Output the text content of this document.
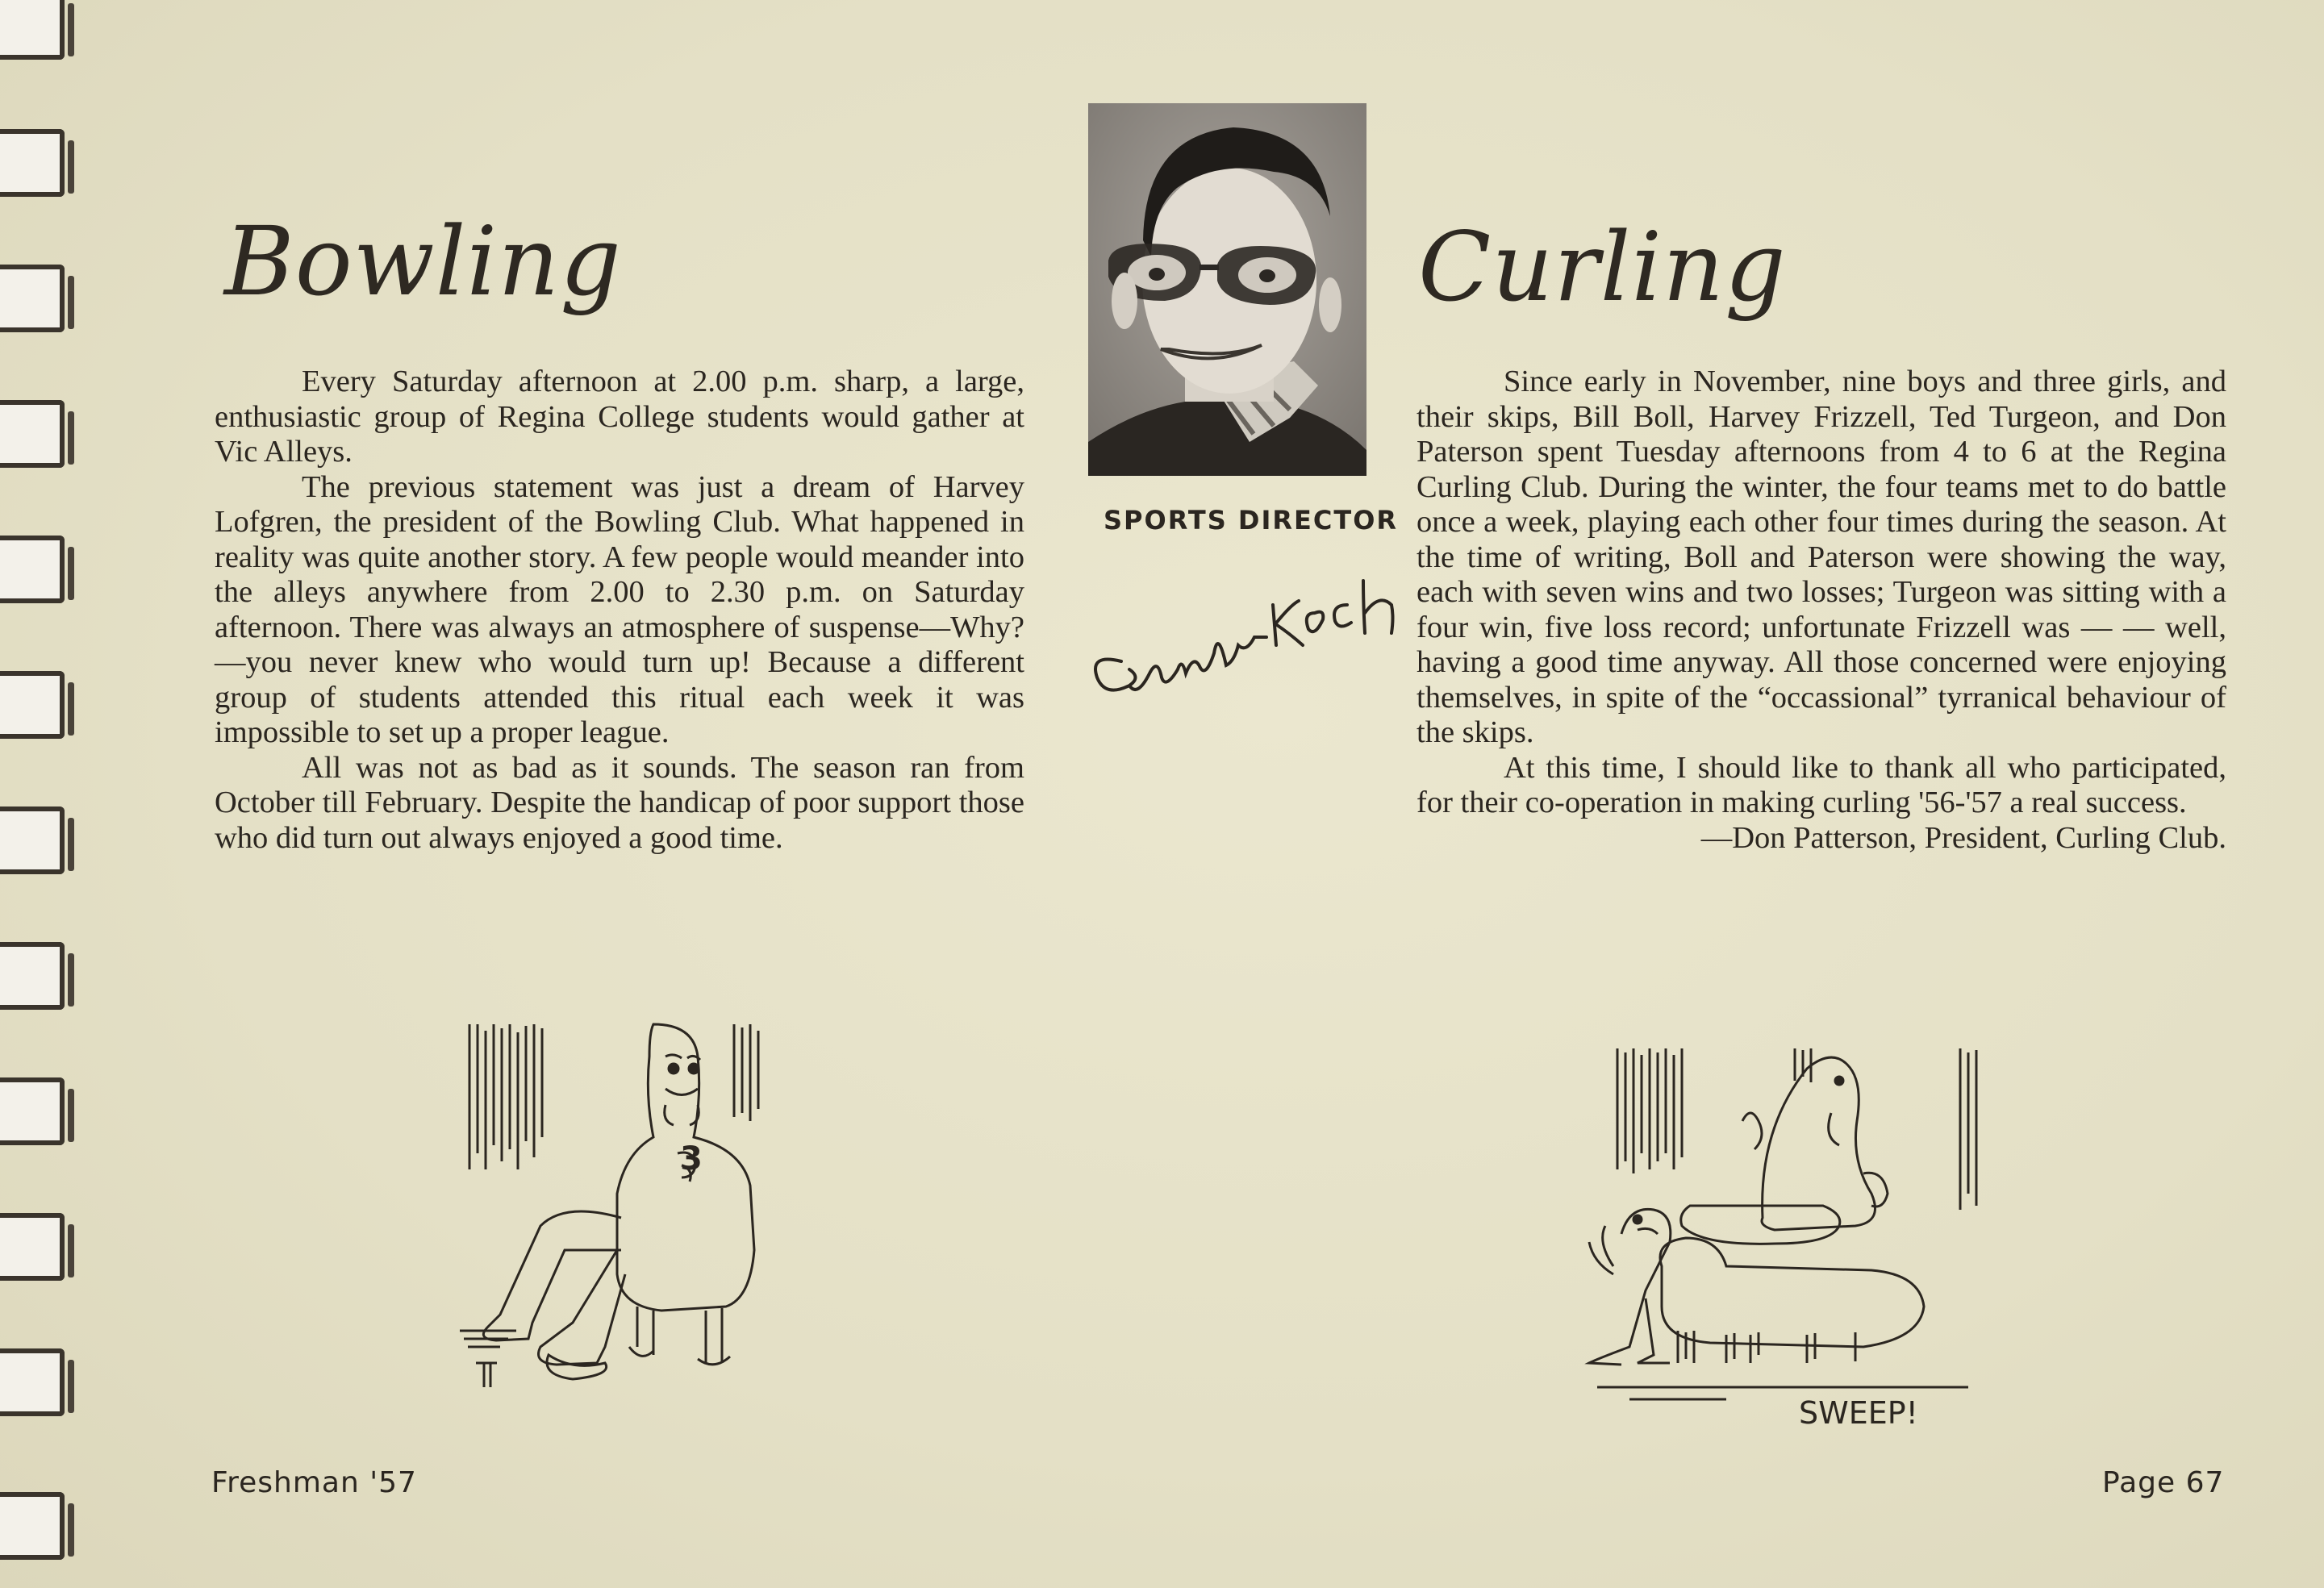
Bowling

Every Saturday afternoon at 2.00 p.m. sharp, a large, enthusiastic group of Regina College students would gather at Vic Alleys.

The previous statement was just a dream of Harvey Lofgren, the president of the Bowling Club. What happened in reality was quite another story. A few people would meander into the alleys anywhere from 2.00 to 2.30 p.m. on Saturday afternoon. There was always an atmosphere of suspense—Why?—you never knew who would turn up! Because a different group of students attended this ritual each week it was impossible to set up a proper league.

All was not as bad as it sounds. The season ran from October till February. Despite the handicap of poor support those who did turn out always enjoyed a good time.

SPORTS DIRECTOR
Curling

Since early in November, nine boys and three girls, and their skips, Bill Boll, Harvey Frizzell, Ted Turgeon, and Don Paterson spent Tuesday afternoons from 4 to 6 at the Regina Curling Club. During the winter, the four teams met to do battle once a week, playing each other four times during the season. At the time of writing, Boll and Paterson were showing the way, each with seven wins and two losses; Turgeon was sitting with a four win, five loss record; unfortunate Frizzell was — — well, having a good time anyway. All those concerned were enjoying themselves, in spite of the “occassional” tyrranical behaviour of the skips.

At this time, I should like to thank all who participated, for their co-operation in making curling '56-'57 a real success.

—Don Patterson, President, Curling Club.

3
SWEEP!
Freshman '57	Page 67
